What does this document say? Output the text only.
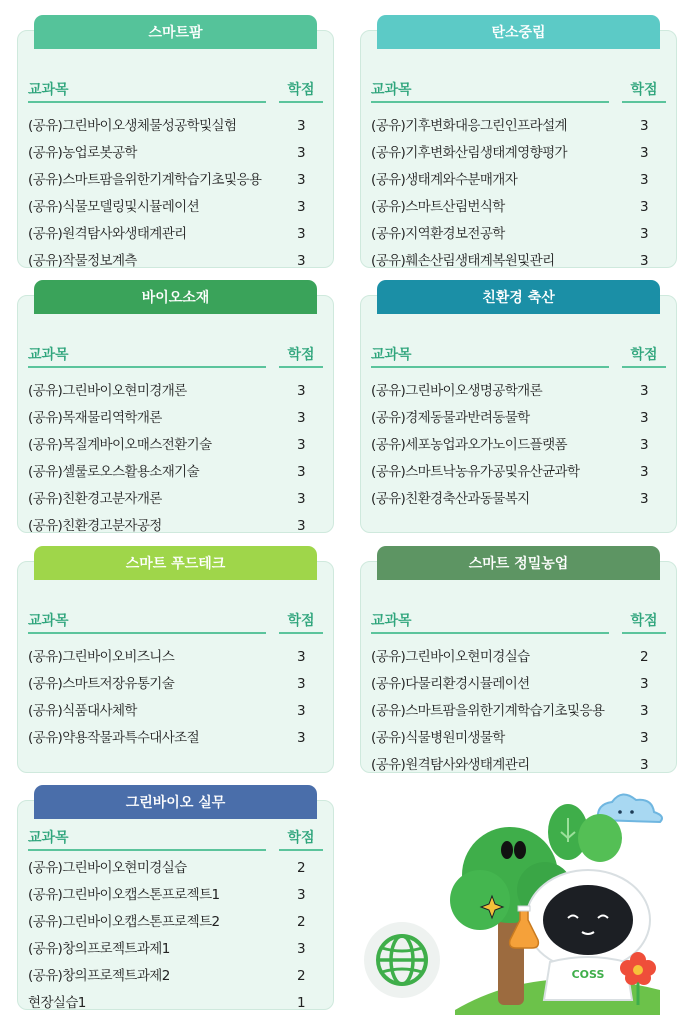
스마트팜
교과목	학점
(공유)그린바이오생체물성공학및실험	3
(공유)농업로봇공학	3
(공유)스마트팜을위한기계학습기초및응용	3
(공유)식물모델링및시뮬레이션	3
(공유)원격탐사와생태계관리	3
(공유)작물정보계측	3
탄소중립
교과목	학점
(공유)기후변화대응그린인프라설계	3
(공유)기후변화산림생태계영향평가	3
(공유)생태계와수분매개자	3
(공유)스마트산림번식학	3
(공유)지역환경보전공학	3
(공유)훼손산림생태계복원및관리	3
바이오소재
교과목	학점
(공유)그린바이오현미경개론	3
(공유)목재물리역학개론	3
(공유)목질계바이오매스전환기술	3
(공유)셀룰로오스활용소재기술	3
(공유)친환경고분자개론	3
(공유)친환경고분자공정	3
친환경 축산
교과목	학점
(공유)그린바이오생명공학개론	3
(공유)경제동물과반려동물학	3
(공유)세포농업과오가노이드플랫폼	3
(공유)스마트낙농유가공및유산균과학	3
(공유)친환경축산과동물복지	3
스마트 푸드테크
교과목	학점
(공유)그린바이오비즈니스	3
(공유)스마트저장유통기술	3
(공유)식품대사체학	3
(공유)약용작물과특수대사조절	3
스마트 정밀농업
교과목	학점
(공유)그린바이오현미경실습	2
(공유)다물리환경시뮬레이션	3
(공유)스마트팜을위한기계학습기초및응용	3
(공유)식물병원미생물학	3
(공유)원격탐사와생태계관리	3
그린바이오 실무
교과목	학점
(공유)그린바이오현미경실습	2
(공유)그린바이오캡스톤프로젝트1	3
(공유)그린바이오캡스톤프로젝트2	2
(공유)창의프로젝트과제1	3
(공유)창의프로젝트과제2	2
현장실습1	1
COSS
